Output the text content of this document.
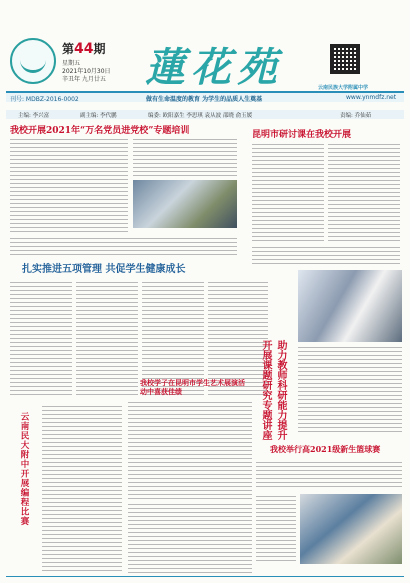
第44期
星期五
2021年10月30日
辛丑年 九月廿五 蓮花苑	云南民族大学附属中学
刊号: MDBZ-2016-0002	做有生命温度的教育 为学生的品质人生奠基	www.ynmdfz.net
主编: 李兴富	副主编: 李代鹏	编委: 欧阳嘉生 李思琪 袁从波 邵晓 俞玉媛	责编: 乔仙茹
我校开展2021年“万名党员进党校”专题培训	昆明市研讨课在我校开展
扎实推进五项管理 共促学生健康成长
助力教师科研能力提升 开展课题研究专题讲座
云南民大附中开展编程比赛
我校学子在昆明市学生艺术展演活动中喜获佳绩
我校举行高2021级新生篮球赛
